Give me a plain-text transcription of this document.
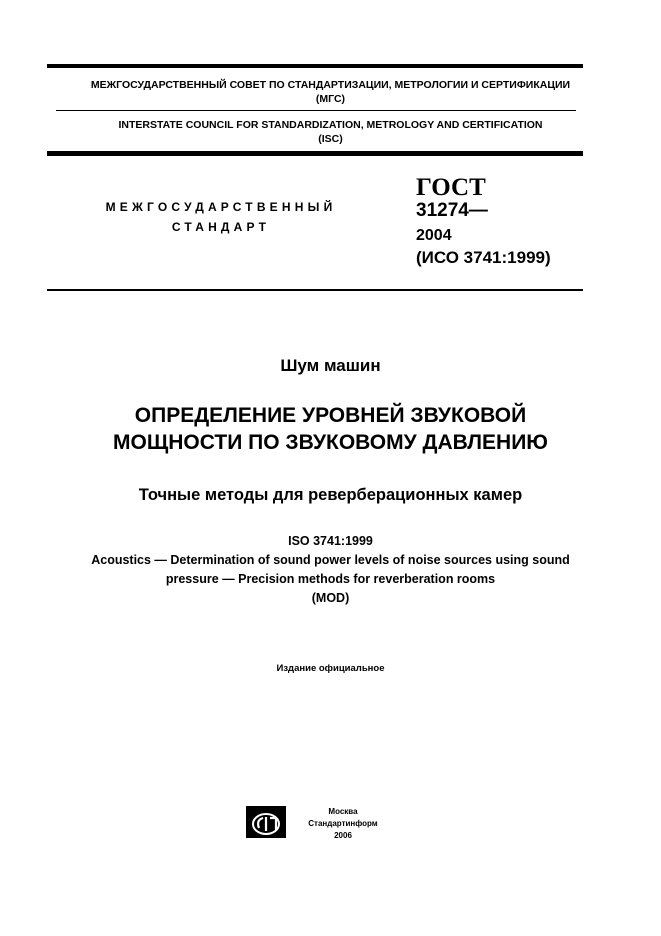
МЕЖГОСУДАРСТВЕННЫЙ СОВЕТ ПО СТАНДАРТИЗАЦИИ, МЕТРОЛОГИИ И СЕРТИФИКАЦИИ
(МГС)
INTERSTATE COUNCIL FOR STANDARDIZATION, METROLOGY AND CERTIFICATION
(ISC)
МЕЖГОСУДАРСТВЕННЫЙ
СТАНДАРТ
ГОСТ
31274—
2004
(ИСО 3741:1999)
Шум машин
ОПРЕДЕЛЕНИЕ УРОВНЕЙ ЗВУКОВОЙ
МОЩНОСТИ ПО ЗВУКОВОМУ ДАВЛЕНИЮ
Точные методы для реверберационных камер
ISO 3741:1999
Acoustics — Determination of sound power levels of noise sources using sound
pressure — Precision methods for reverberation rooms
(MOD)
Издание официальное
Москва
Стандартинформ
2006
